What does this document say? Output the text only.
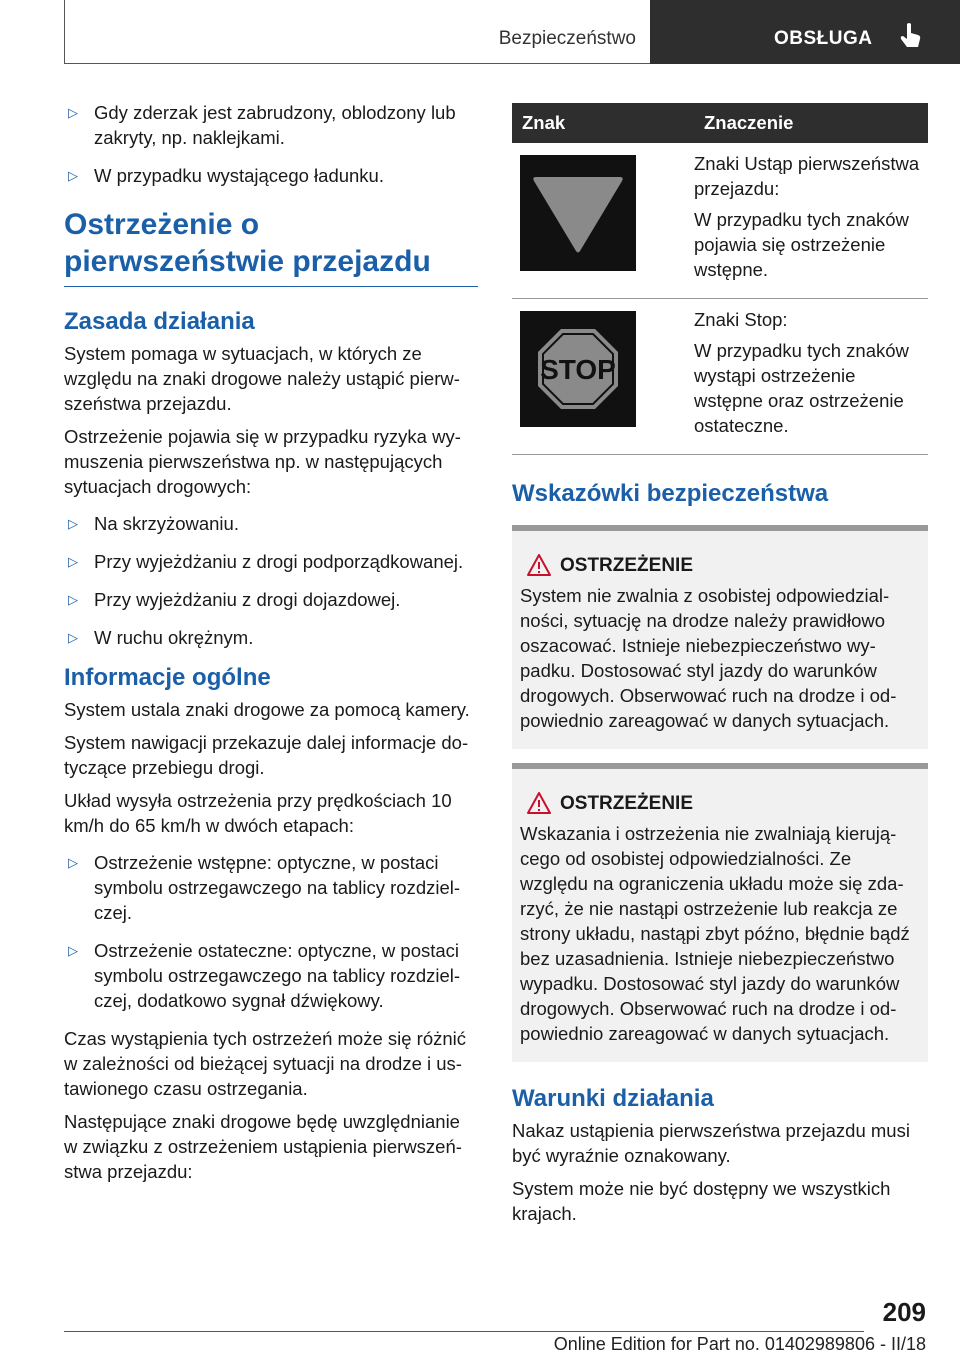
Bezpieczeństwo	OBSŁUGA
▷ Gdy zderzak jest zabrudzony, oblodzony lub zakryty, np. naklejkami.
▷ W przypadku wystającego ładunku.
Ostrzeżenie o pierwszeństwie przejazdu
Zasada działania

System pomaga w sytuacjach, w których ze względu na znaki drogowe należy ustąpić pierwszeństwa przejazdu.

Ostrzeżenie pojawia się w przypadku ryzyka wymuszenia pierwszeństwa np. w następujących sytuacjach drogowych:

▷ Na skrzyżowaniu.
▷ Przy wyjeżdżaniu z drogi podporządkowanej.
▷ Przy wyjeżdżaniu z drogi dojazdowej.
▷ W ruchu okrężnym.
Informacje ogólne

System ustala znaki drogowe za pomocą kamery.

System nawigacji przekazuje dalej informacje dotyczące przebiegu drogi.

Układ wysyła ostrzeżenia przy prędkościach 10 km/h do 65 km/h w dwóch etapach:

▷ Ostrzeżenie wstępne: optyczne, w postaci symbolu ostrzegawczego na tablicy rozdzielczej.
▷ Ostrzeżenie ostateczne: optyczne, w postaci symbolu ostrzegawczego na tablicy rozdzielczej, dodatkowo sygnał dźwiękowy.

Czas wystąpienia tych ostrzeżeń może się różnić w zależności od bieżącej sytuacji na drodze i ustawionego czasu ostrzegania.

Następujące znaki drogowe będę uwzględnianie w związku z ostrzeżeniem ustąpienia pierwszeństwa przejazdu:

Znak	Znaczenie

Znaki Ustąp pierwszeństwa przejazdu:

W przypadku tych znaków pojawia się ostrzeżenie wstępne.

STOP	Znaki Stop:

W przypadku tych znaków wystąpi ostrzeżenie wstępne oraz ostrzeżenie ostateczne.

Wskazówki bezpieczeństwa
OSTRZEŻENIE

System nie zwalnia z osobistej odpowiedzialności, sytuację na drodze należy prawidłowo oszacować. Istnieje niebezpieczeństwo wypadku. Dostosować styl jazdy do warunków drogowych. Obserwować ruch na drodze i odpowiednio zareagować w danych sytuacjach.

OSTRZEŻENIE

Wskazania i ostrzeżenia nie zwalniają kierującego od osobistej odpowiedzialności. Ze względu na ograniczenia układu może się zdarzyć, że nie nastąpi ostrzeżenie lub reakcja ze strony układu, nastąpi zbyt późno, błędnie bądź bez uzasadnienia. Istnieje niebezpieczeństwo wypadku. Dostosować styl jazdy do warunków drogowych. Obserwować ruch na drodze i odpowiednio zareagować w danych sytuacjach.

Warunki działania

Nakaz ustąpienia pierwszeństwa przejazdu musi być wyraźnie oznakowany.

System może nie być dostępny we wszystkich krajach.

209
Online Edition for Part no. 01402989806 - II/18
